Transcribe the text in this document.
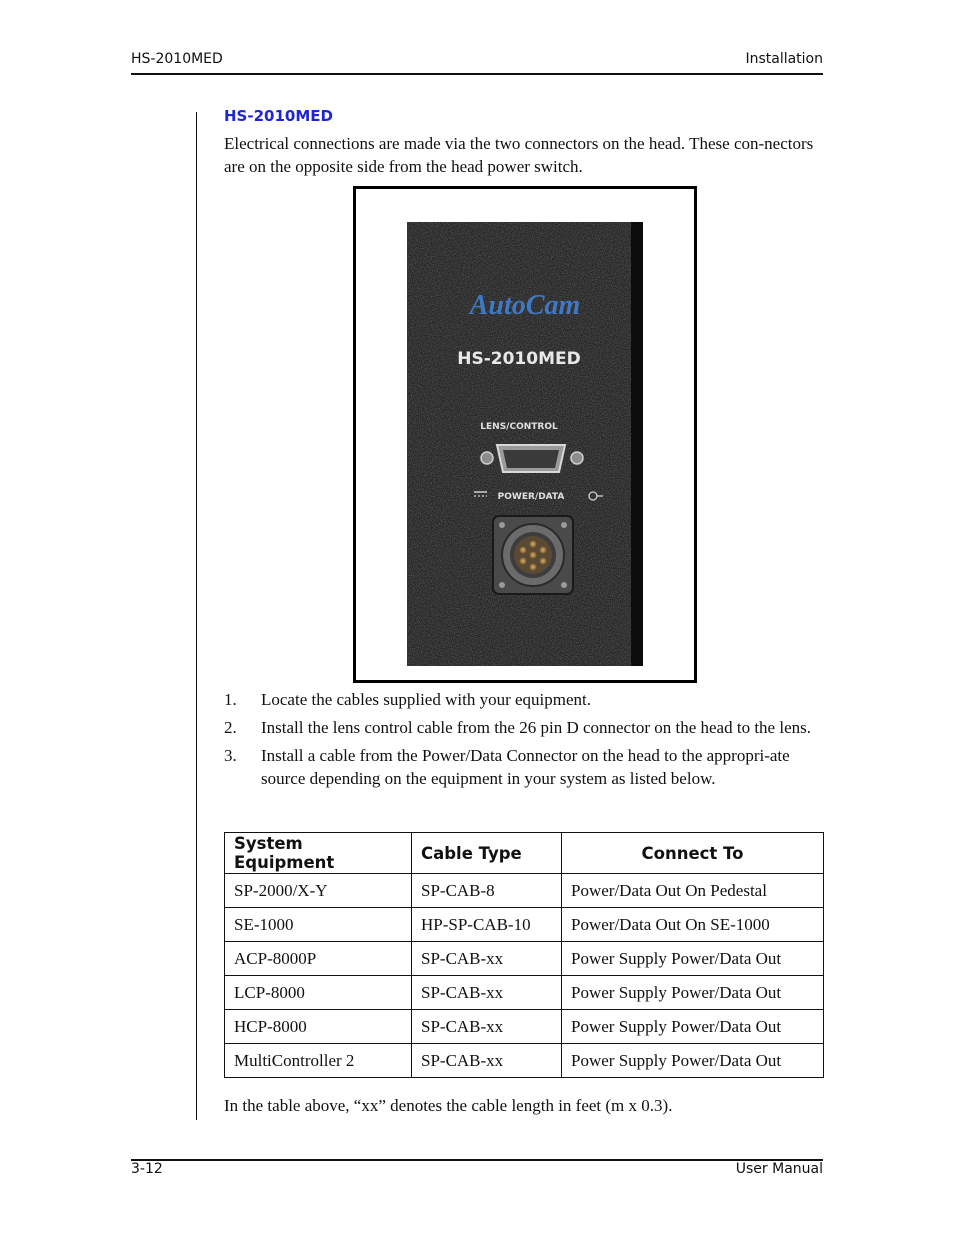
HS-2010MED	Installation
HS-2010MED
Electrical connections are made via the two connectors on the head. These con-nectors are on the opposite side from the head power switch.
AutoCam
HS-2010MED
LENS/CONTROL
POWER/DATA
1. Locate the cables supplied with your equipment.
2. Install the lens control cable from the 26 pin D connector on the head to the lens.
3. Install a cable from the Power/Data Connector on the head to the appropri-ate source depending on the equipment in your system as listed below.
System Equipment	Cable Type	Connect To
SP-2000/X-Y	SP-CAB-8	Power/Data Out On Pedestal
SE-1000	HP-SP-CAB-10	Power/Data Out On SE-1000
ACP-8000P	SP-CAB-xx	Power Supply Power/Data Out
LCP-8000	SP-CAB-xx	Power Supply Power/Data Out
HCP-8000	SP-CAB-xx	Power Supply Power/Data Out
MultiController 2	SP-CAB-xx	Power Supply Power/Data Out
In the table above, “xx” denotes the cable length in feet (m x 0.3).
3-12	User Manual
